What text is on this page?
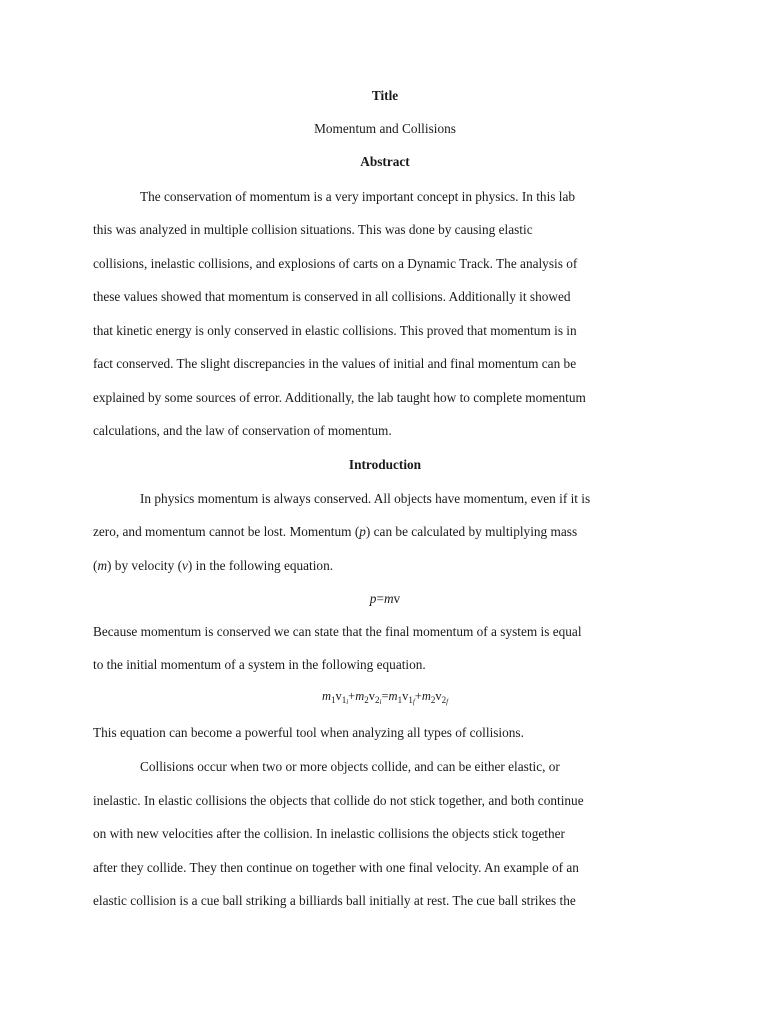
Title
Momentum and Collisions
Abstract
The conservation of momentum is a very important concept in physics. In this lab
this was analyzed in multiple collision situations. This was done by causing elastic
collisions, inelastic collisions, and explosions of carts on a Dynamic Track. The analysis of
these values showed that momentum is conserved in all collisions. Additionally it showed
that kinetic energy is only conserved in elastic collisions. This proved that momentum is in
fact conserved. The slight discrepancies in the values of initial and final momentum can be
explained by some sources of error. Additionally, the lab taught how to complete momentum
calculations, and the law of conservation of momentum.
Introduction
In physics momentum is always conserved. All objects have momentum, even if it is
zero, and momentum cannot be lost. Momentum (p) can be calculated by multiplying mass
(m) by velocity (v) in the following equation.
p=mv
Because momentum is conserved we can state that the final momentum of a system is equal
to the initial momentum of a system in the following equation.
$m_1v_{1i}+m_2v_{2i}=m_1v_{1f}+m_2v_{2f}$
This equation can become a powerful tool when analyzing all types of collisions.
Collisions occur when two or more objects collide, and can be either elastic, or
inelastic. In elastic collisions the objects that collide do not stick together, and both continue
on with new velocities after the collision. In inelastic collisions the objects stick together
after they collide. They then continue on together with one final velocity. An example of an
elastic collision is a cue ball striking a billiards ball initially at rest. The cue ball strikes the
